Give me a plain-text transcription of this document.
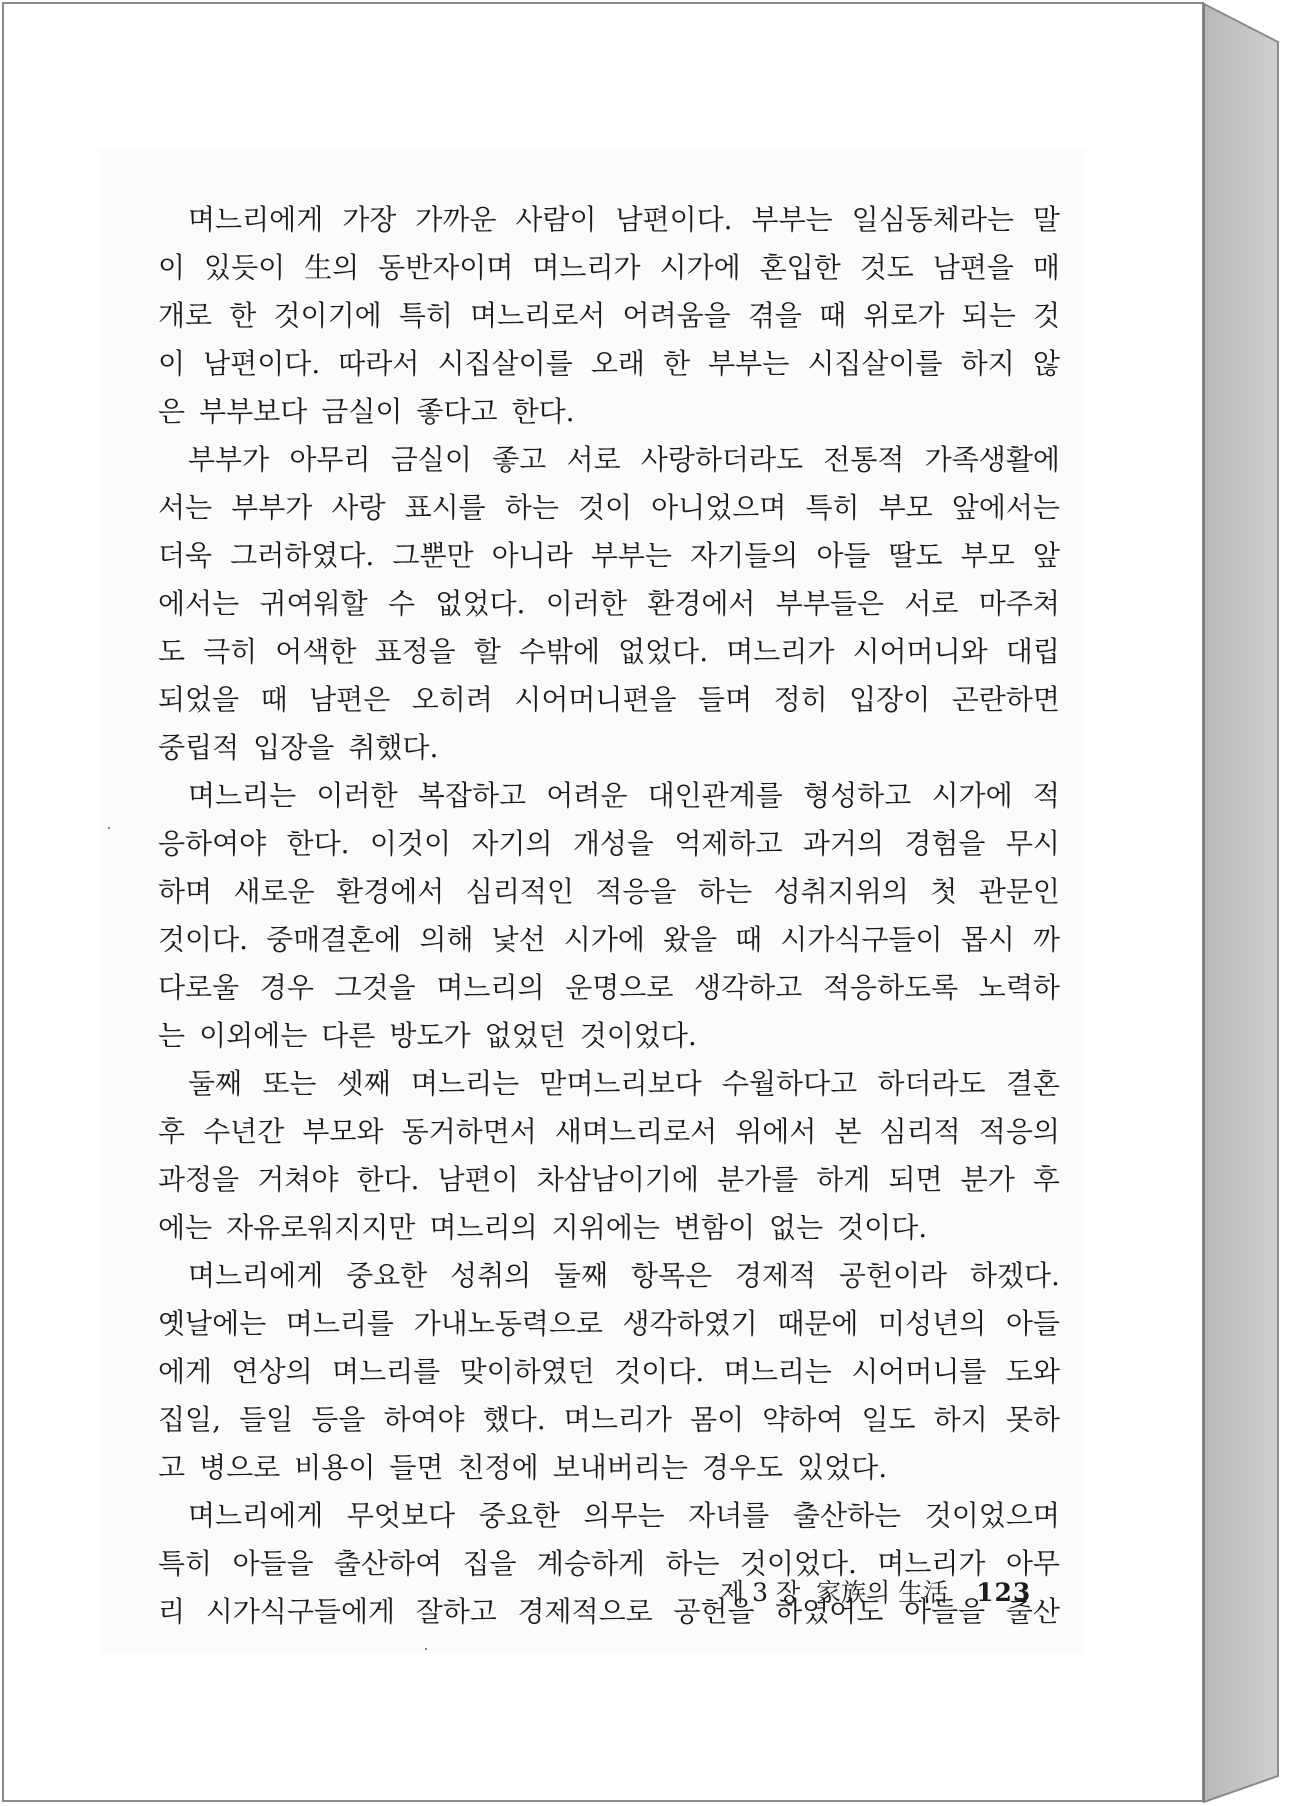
며느리에게 가장 가까운 사람이 남편이다. 부부는 일심동체라는 말
이 있듯이 生의 동반자이며 며느리가 시가에 혼입한 것도 남편을 매
개로 한 것이기에 특히 며느리로서 어려움을 겪을 때 위로가 되는 것
이 남편이다. 따라서 시집살이를 오래 한 부부는 시집살이를 하지 않
은 부부보다 금실이 좋다고 한다.
부부가 아무리 금실이 좋고 서로 사랑하더라도 전통적 가족생활에
서는 부부가 사랑 표시를 하는 것이 아니었으며 특히 부모 앞에서는
더욱 그러하였다. 그뿐만 아니라 부부는 자기들의 아들 딸도 부모 앞
에서는 귀여워할 수 없었다. 이러한 환경에서 부부들은 서로 마주쳐
도 극히 어색한 표정을 할 수밖에 없었다. 며느리가 시어머니와 대립
되었을 때 남편은 오히려 시어머니편을 들며 정히 입장이 곤란하면
중립적 입장을 취했다.
며느리는 이러한 복잡하고 어려운 대인관계를 형성하고 시가에 적
응하여야 한다. 이것이 자기의 개성을 억제하고 과거의 경험을 무시
하며 새로운 환경에서 심리적인 적응을 하는 성취지위의 첫 관문인
것이다. 중매결혼에 의해 낯선 시가에 왔을 때 시가식구들이 몹시 까
다로울 경우 그것을 며느리의 운명으로 생각하고 적응하도록 노력하
는 이외에는 다른 방도가 없었던 것이었다.
둘째 또는 셋째 며느리는 맏며느리보다 수월하다고 하더라도 결혼
후 수년간 부모와 동거하면서 새며느리로서 위에서 본 심리적 적응의
과정을 거쳐야 한다. 남편이 차삼남이기에 분가를 하게 되면 분가 후
에는 자유로워지지만 며느리의 지위에는 변함이 없는 것이다.
며느리에게 중요한 성취의 둘째 항목은 경제적 공헌이라 하겠다.
옛날에는 며느리를 가내노동력으로 생각하였기 때문에 미성년의 아들
에게 연상의 며느리를 맞이하였던 것이다. 며느리는 시어머니를 도와
집일, 들일 등을 하여야 했다. 며느리가 몸이 약하여 일도 하지 못하
고 병으로 비용이 들면 친정에 보내버리는 경우도 있었다.
며느리에게 무엇보다 중요한 의무는 자녀를 출산하는 것이었으며
특히 아들을 출산하여 집을 계승하게 하는 것이었다. 며느리가 아무
리 시가식구들에게 잘하고 경제적으로 공헌을 하였어도 아들을 출산
제 3 장 家族의 生活 123
